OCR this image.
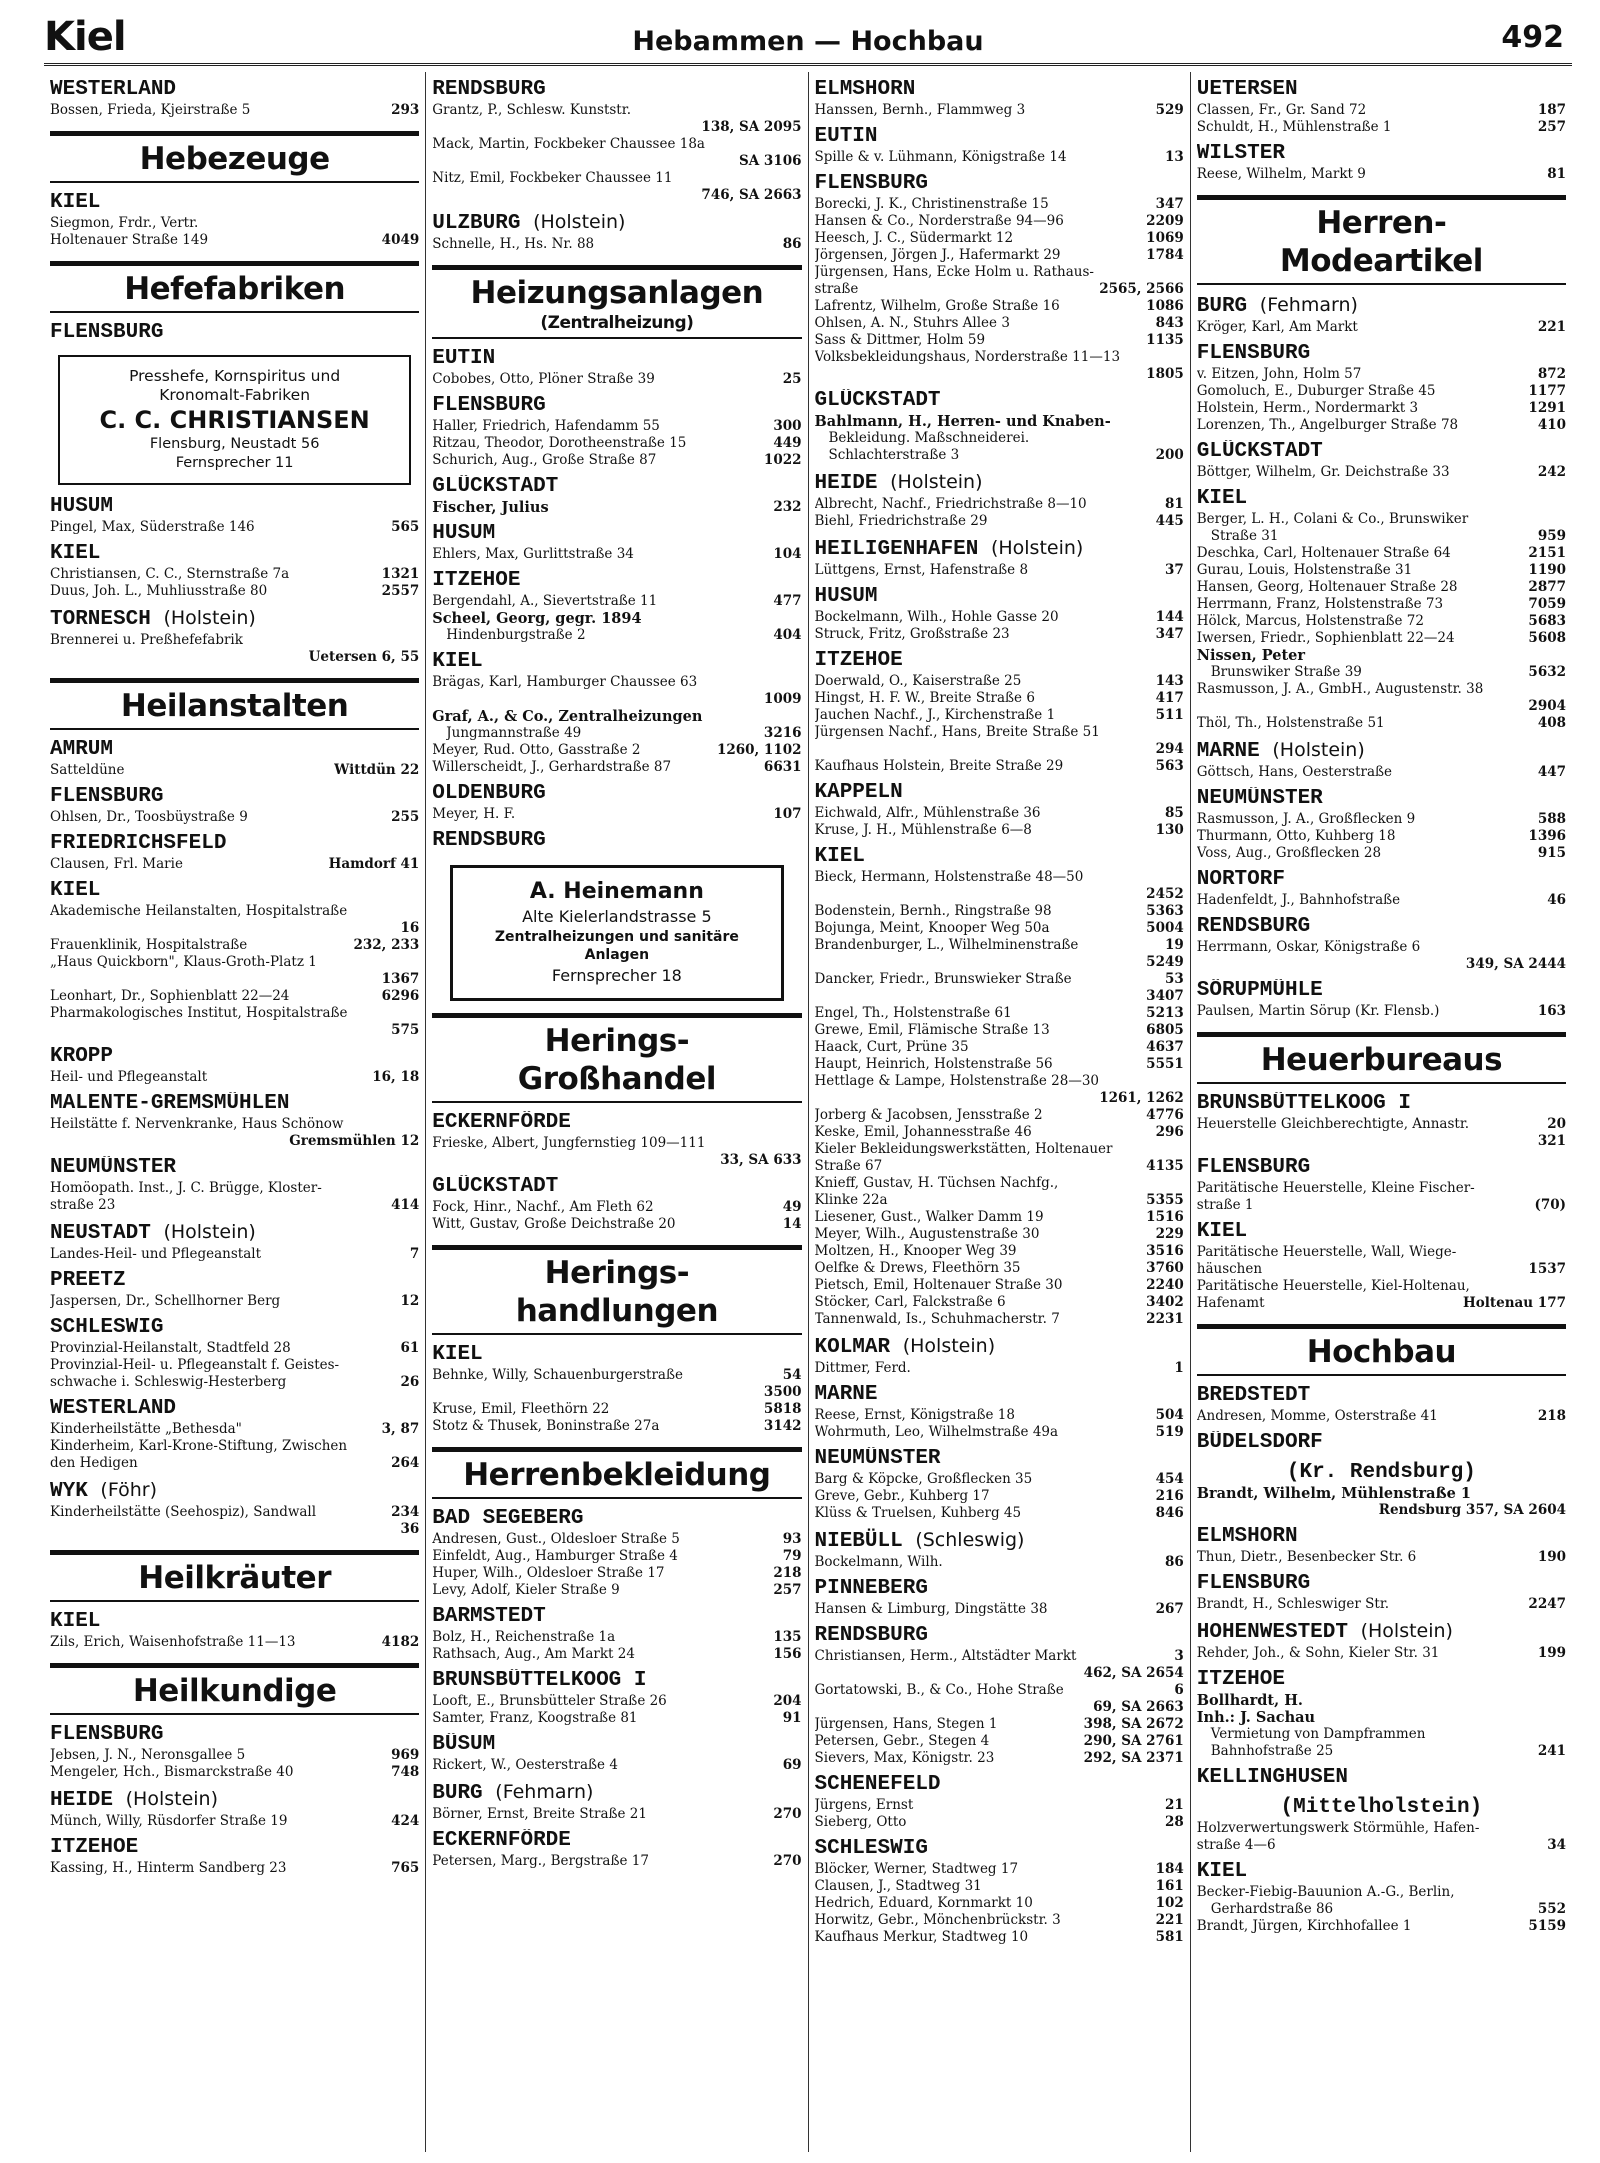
Kiel	Hebammen — Hochbau	492
WESTERLAND
Bossen, Frieda, Kjeirstraße 5	293
Hebezeuge
KIEL
Siegmon, Frdr., Vertr.
Holtenauer Straße 149	4049
Hefefabriken
FLENSBURG
Presshefe, Kornspiritus und
Kronomalt-Fabriken
C. C. CHRISTIANSEN
Flensburg, Neustadt 56
Fernsprecher 11
HUSUM
Pingel, Max, Süderstraße 146	565
KIEL
Christiansen, C. C., Sternstraße 7a	1321
Duus, Joh. L., Muhliusstraße 80	2557
TORNESCH (Holstein)
Brennerei u. Preßhefefabrik
Uetersen 6, 55
Heilanstalten
AMRUM
Satteldüne	Wittdün 22
FLENSBURG
Ohlsen, Dr., Toosbüystraße 9	255
FRIEDRICHSFELD
Clausen, Frl. Marie	Hamdorf 41
KIEL
Akademische Heilanstalten, Hospitalstraße
16
Frauenklinik, Hospitalstraße	232, 233
„Haus Quickborn", Klaus-Groth-Platz 1
1367
Leonhart, Dr., Sophienblatt 22—24	6296
Pharmakologisches Institut, Hospitalstraße
575
KROPP
Heil- und Pflegeanstalt	16, 18
MALENTE-GREMSMÜHLEN
Heilstätte f. Nervenkranke, Haus Schönow
Gremsmühlen 12
NEUMÜNSTER
Homöopath. Inst., J. C. Brügge, Kloster-
straße 23	414
NEUSTADT (Holstein)
Landes-Heil- und Pflegeanstalt	7
PREETZ
Jaspersen, Dr., Schellhorner Berg	12
SCHLESWIG
Provinzial-Heilanstalt, Stadtfeld 28	61
Provinzial-Heil- u. Pflegeanstalt f. Geistes-
schwache i. Schleswig-Hesterberg	26
WESTERLAND
Kinderheilstätte „Bethesda"	3, 87
Kinderheim, Karl-Krone-Stiftung, Zwischen
den Hedigen	264
WYK (Föhr)
Kinderheilstätte (Seehospiz), Sandwall	234
36
Heilkräuter
KIEL
Zils, Erich, Waisenhofstraße 11—13	4182
Heilkundige
FLENSBURG
Jebsen, J. N., Neronsgallee 5	969
Mengeler, Hch., Bismarckstraße 40	748
HEIDE (Holstein)
Münch, Willy, Rüsdorfer Straße 19	424
ITZEHOE
Kassing, H., Hinterm Sandberg 23	765
RENDSBURG
Grantz, P., Schlesw. Kunststr.
138, SA 2095
Mack, Martin, Fockbeker Chaussee 18a
SA 3106
Nitz, Emil, Fockbeker Chaussee 11
746, SA 2663
ULZBURG (Holstein)
Schnelle, H., Hs. Nr. 88	86
Heizungsanlagen
(Zentralheizung)
EUTIN
Cobobes, Otto, Plöner Straße 39	25
FLENSBURG
Haller, Friedrich, Hafendamm 55	300
Ritzau, Theodor, Dorotheenstraße 15	449
Schurich, Aug., Große Straße 87	1022
GLÜCKSTADT
Fischer, Julius	232
HUSUM
Ehlers, Max, Gurlittstraße 34	104
ITZEHOE
Bergendahl, A., Sievertstraße 11	477
Scheel, Georg, gegr. 1894
Hindenburgstraße 2	404
KIEL
Brägas, Karl, Hamburger Chaussee 63
1009
Graf, A., & Co., Zentralheizungen
Jungmannstraße 49	3216
Meyer, Rud. Otto, Gasstraße 2	1260, 1102
Willerscheidt, J., Gerhardstraße 87	6631
OLDENBURG
Meyer, H. F.	107
RENDSBURG
A. Heinemann
Alte Kielerlandstrasse 5
Zentralheizungen und sanitäre
Anlagen
Fernsprecher 18
Herings-
Großhandel
ECKERNFÖRDE
Frieske, Albert, Jungfernstieg 109—111
33, SA 633
GLÜCKSTADT
Fock, Hinr., Nachf., Am Fleth 62	49
Witt, Gustav, Große Deichstraße 20	14
Herings-
handlungen
KIEL
Behnke, Willy, Schauenburgerstraße	54
3500
Kruse, Emil, Fleethörn 22	5818
Stotz & Thusek, Boninstraße 27a	3142
Herrenbekleidung
BAD SEGEBERG
Andresen, Gust., Oldesloer Straße 5	93
Einfeldt, Aug., Hamburger Straße 4	79
Huper, Wilh., Oldesloer Straße 17	218
Levy, Adolf, Kieler Straße 9	257
BARMSTEDT
Bolz, H., Reichenstraße 1a	135
Rathsach, Aug., Am Markt 24	156
BRUNSBÜTTELKOOG I
Looft, E., Brunsbütteler Straße 26	204
Samter, Franz, Koogstraße 81	91
BÜSUM
Rickert, W., Oesterstraße 4	69
BURG (Fehmarn)
Börner, Ernst, Breite Straße 21	270
ECKERNFÖRDE
Petersen, Marg., Bergstraße 17	270
ELMSHORN
Hanssen, Bernh., Flammweg 3	529
EUTIN
Spille & v. Lühmann, Königstraße 14	13
FLENSBURG
Borecki, J. K., Christinenstraße 15	347
Hansen & Co., Norderstraße 94—96	2209
Heesch, J. C., Südermarkt 12	1069
Jörgensen, Jörgen J., Hafermarkt 29	1784
Jürgensen, Hans, Ecke Holm u. Rathaus-
straße	2565, 2566
Lafrentz, Wilhelm, Große Straße 16	1086
Ohlsen, A. N., Stuhrs Allee 3	843
Sass & Dittmer, Holm 59	1135
Volksbekleidungshaus, Norderstraße 11—13
1805
GLÜCKSTADT
Bahlmann, H., Herren- und Knaben-
Bekleidung. Maßschneiderei.
Schlachterstraße 3	200
HEIDE (Holstein)
Albrecht, Nachf., Friedrichstraße 8—10	81
Biehl, Friedrichstraße 29	445
HEILIGENHAFEN (Holstein)
Lüttgens, Ernst, Hafenstraße 8	37
HUSUM
Bockelmann, Wilh., Hohle Gasse 20	144
Struck, Fritz, Großstraße 23	347
ITZEHOE
Doerwald, O., Kaiserstraße 25	143
Hingst, H. F. W., Breite Straße 6	417
Jauchen Nachf., J., Kirchenstraße 1	511
Jürgensen Nachf., Hans, Breite Straße 51
294
Kaufhaus Holstein, Breite Straße 29	563
KAPPELN
Eichwald, Alfr., Mühlenstraße 36	85
Kruse, J. H., Mühlenstraße 6—8	130
KIEL
Bieck, Hermann, Holstenstraße 48—50
2452
Bodenstein, Bernh., Ringstraße 98	5363
Bojunga, Meint, Knooper Weg 50a	5004
Brandenburger, L., Wilhelminenstraße	19
5249
Dancker, Friedr., Brunswieker Straße	53
3407
Engel, Th., Holstenstraße 61	5213
Grewe, Emil, Flämische Straße 13	6805
Haack, Curt, Prüne 35	4637
Haupt, Heinrich, Holstenstraße 56	5551
Hettlage & Lampe, Holstenstraße 28—30
1261, 1262
Jorberg & Jacobsen, Jensstraße 2	4776
Keske, Emil, Johannesstraße 46	296
Kieler Bekleidungswerkstätten, Holtenauer
Straße 67	4135
Knieff, Gustav, H. Tüchsen Nachfg.,
Klinke 22a	5355
Liesener, Gust., Walker Damm 19	1516
Meyer, Wilh., Augustenstraße 30	229
Moltzen, H., Knooper Weg 39	3516
Oelfke & Drews, Fleethörn 35	3760
Pietsch, Emil, Holtenauer Straße 30	2240
Stöcker, Carl, Falckstraße 6	3402
Tannenwald, Is., Schuhmacherstr. 7	2231
KOLMAR (Holstein)
Dittmer, Ferd.	1
MARNE
Reese, Ernst, Königstraße 18	504
Wohrmuth, Leo, Wilhelmstraße 49a	519
NEUMÜNSTER
Barg & Köpcke, Großflecken 35	454
Greve, Gebr., Kuhberg 17	216
Klüss & Truelsen, Kuhberg 45	846
NIEBÜLL (Schleswig)
Bockelmann, Wilh.	86
PINNEBERG
Hansen & Limburg, Dingstätte 38	267
RENDSBURG
Christiansen, Herm., Altstädter Markt	3
462, SA 2654
Gortatowski, B., & Co., Hohe Straße	6
69, SA 2663
Jürgensen, Hans, Stegen 1	398, SA 2672
Petersen, Gebr., Stegen 4	290, SA 2761
Sievers, Max, Königstr. 23	292, SA 2371
SCHENEFELD
Jürgens, Ernst	21
Sieberg, Otto	28
SCHLESWIG
Blöcker, Werner, Stadtweg 17	184
Clausen, J., Stadtweg 31	161
Hedrich, Eduard, Kornmarkt 10	102
Horwitz, Gebr., Mönchenbrückstr. 3	221
Kaufhaus Merkur, Stadtweg 10	581
UETERSEN
Classen, Fr., Gr. Sand 72	187
Schuldt, H., Mühlenstraße 1	257
WILSTER
Reese, Wilhelm, Markt 9	81
Herren-
Modeartikel
BURG (Fehmarn)
Kröger, Karl, Am Markt	221
FLENSBURG
v. Eitzen, John, Holm 57	872
Gomoluch, E., Duburger Straße 45	1177
Holstein, Herm., Nordermarkt 3	1291
Lorenzen, Th., Angelburger Straße 78	410
GLÜCKSTADT
Böttger, Wilhelm, Gr. Deichstraße 33	242
KIEL
Berger, L. H., Colani & Co., Brunswiker
Straße 31	959
Deschka, Carl, Holtenauer Straße 64	2151
Gurau, Louis, Holstenstraße 31	1190
Hansen, Georg, Holtenauer Straße 28	2877
Herrmann, Franz, Holstenstraße 73	7059
Hölck, Marcus, Holstenstraße 72	5683
Iwersen, Friedr., Sophienblatt 22—24	5608
Nissen, Peter
Brunswiker Straße 39	5632
Rasmusson, J. A., GmbH., Augustenstr. 38
2904
Thöl, Th., Holstenstraße 51	408
MARNE (Holstein)
Göttsch, Hans, Oesterstraße	447
NEUMÜNSTER
Rasmusson, J. A., Großflecken 9	588
Thurmann, Otto, Kuhberg 18	1396
Voss, Aug., Großflecken 28	915
NORTORF
Hadenfeldt, J., Bahnhofstraße	46
RENDSBURG
Herrmann, Oskar, Königstraße 6
349, SA 2444
SÖRUPMÜHLE
Paulsen, Martin Sörup (Kr. Flensb.)	163
Heuerbureaus
BRUNSBÜTTELKOOG I
Heuerstelle Gleichberechtigte, Annastr.	20
321
FLENSBURG
Paritätische Heuerstelle, Kleine Fischer-
straße 1	(70)
KIEL
Paritätische Heuerstelle, Wall, Wiege-
häuschen	1537
Paritätische Heuerstelle, Kiel-Holtenau,
Hafenamt	Holtenau 177
Hochbau
BREDSTEDT
Andresen, Momme, Osterstraße 41	218
BÜDELSDORF
(Kr. Rendsburg)
Brandt, Wilhelm, Mühlenstraße 1
Rendsburg 357, SA 2604
ELMSHORN
Thun, Dietr., Besenbecker Str. 6	190
FLENSBURG
Brandt, H., Schleswiger Str.	2247
HOHENWESTEDT (Holstein)
Rehder, Joh., & Sohn, Kieler Str. 31	199
ITZEHOE
Bollhardt, H.
Inh.: J. Sachau
Vermietung von Dampframmen
Bahnhofstraße 25	241
KELLINGHUSEN
(Mittelholstein)
Holzverwertungswerk Störmühle, Hafen-
straße 4—6	34
KIEL
Becker-Fiebig-Bauunion A.-G., Berlin,
Gerhardstraße 86	552
Brandt, Jürgen, Kirchhofallee 1	5159
